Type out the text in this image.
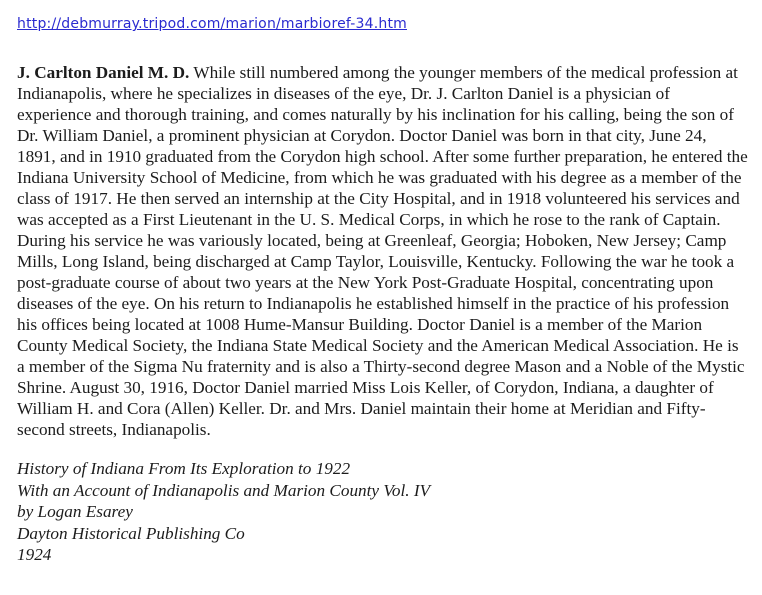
http://debmurray.tripod.com/marion/marbioref-34.htm
J. Carlton Daniel M. D. While still numbered among the younger members of the medical profession at Indianapolis, where he specializes in diseases of the eye, Dr. J. Carlton Daniel is a physician of experience and thorough training, and comes naturally by his inclination for his calling, being the son of Dr. William Daniel, a prominent physician at Corydon. Doctor Daniel was born in that city, June 24, 1891, and in 1910 graduated from the Corydon high school. After some further preparation, he entered the Indiana University School of Medicine, from which he was graduated with his degree as a member of the class of 1917. He then served an internship at the City Hospital, and in 1918 volunteered his services and was accepted as a First Lieutenant in the U. S. Medical Corps, in which he rose to the rank of Captain. During his service he was variously located, being at Greenleaf, Georgia; Hoboken, New Jersey; Camp Mills, Long Island, being discharged at Camp Taylor, Louisville, Kentucky. Following the war he took a post-graduate course of about two years at the New York Post-Graduate Hospital, concentrating upon diseases of the eye. On his return to Indianapolis he established himself in the practice of his profession his offices being located at 1008 Hume-Mansur Building. Doctor Daniel is a member of the Marion County Medical Society, the Indiana State Medical Society and the American Medical Association. He is a member of the Sigma Nu fraternity and is also a Thirty-second degree Mason and a Noble of the Mystic Shrine. August 30, 1916, Doctor Daniel married Miss Lois Keller, of Corydon, Indiana, a daughter of William H. and Cora (Allen) Keller. Dr. and Mrs. Daniel maintain their home at Meridian and Fifty-second streets, Indianapolis.
History of Indiana From Its Exploration to 1922
With an Account of Indianapolis and Marion County Vol. IV
by Logan Esarey
Dayton Historical Publishing Co
1924
